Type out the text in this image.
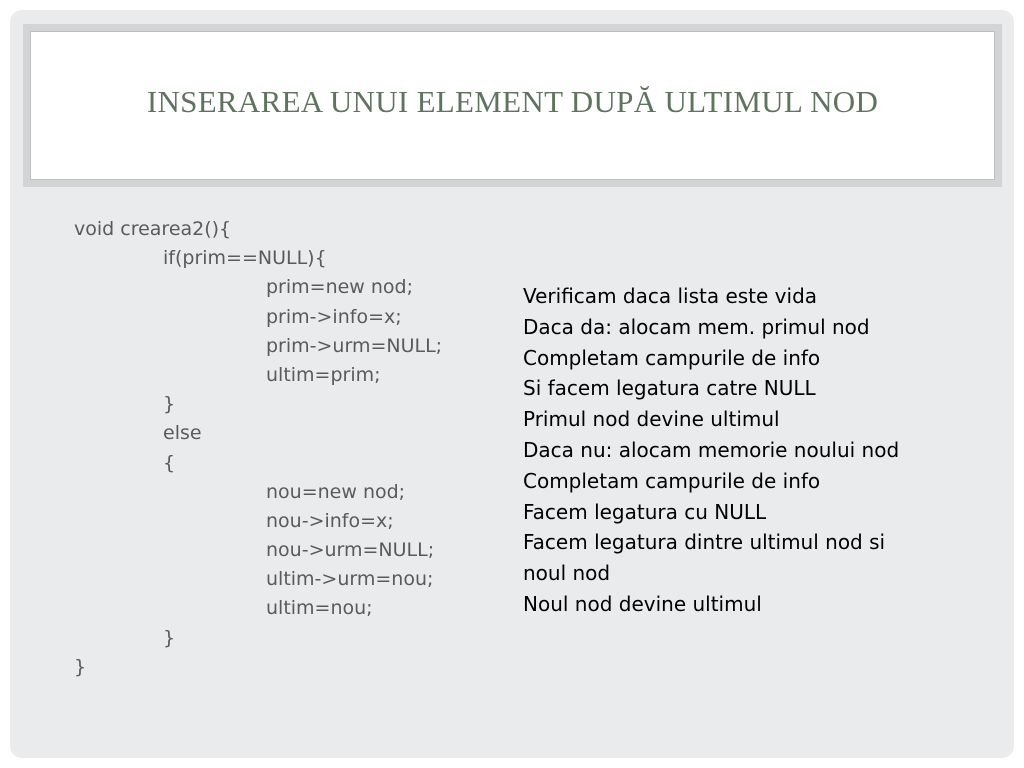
INSERAREA UNUI ELEMENT DUPĂ ULTIMUL NOD
void crearea2(){
if(prim==NULL){
prim=new nod;
prim->info=x;
prim->urm=NULL;
ultim=prim;
}
else
{
nou=new nod;
nou->info=x;
nou->urm=NULL;
ultim->urm=nou;
ultim=nou;
}
}
Verificam daca lista este vida
Daca da: alocam mem. primul nod
Completam campurile de info
Si facem legatura catre NULL
Primul nod devine ultimul
Daca nu: alocam memorie noului nod
Completam campurile de info
Facem legatura cu NULL
Facem legatura dintre ultimul nod si
noul nod
Noul nod devine ultimul
